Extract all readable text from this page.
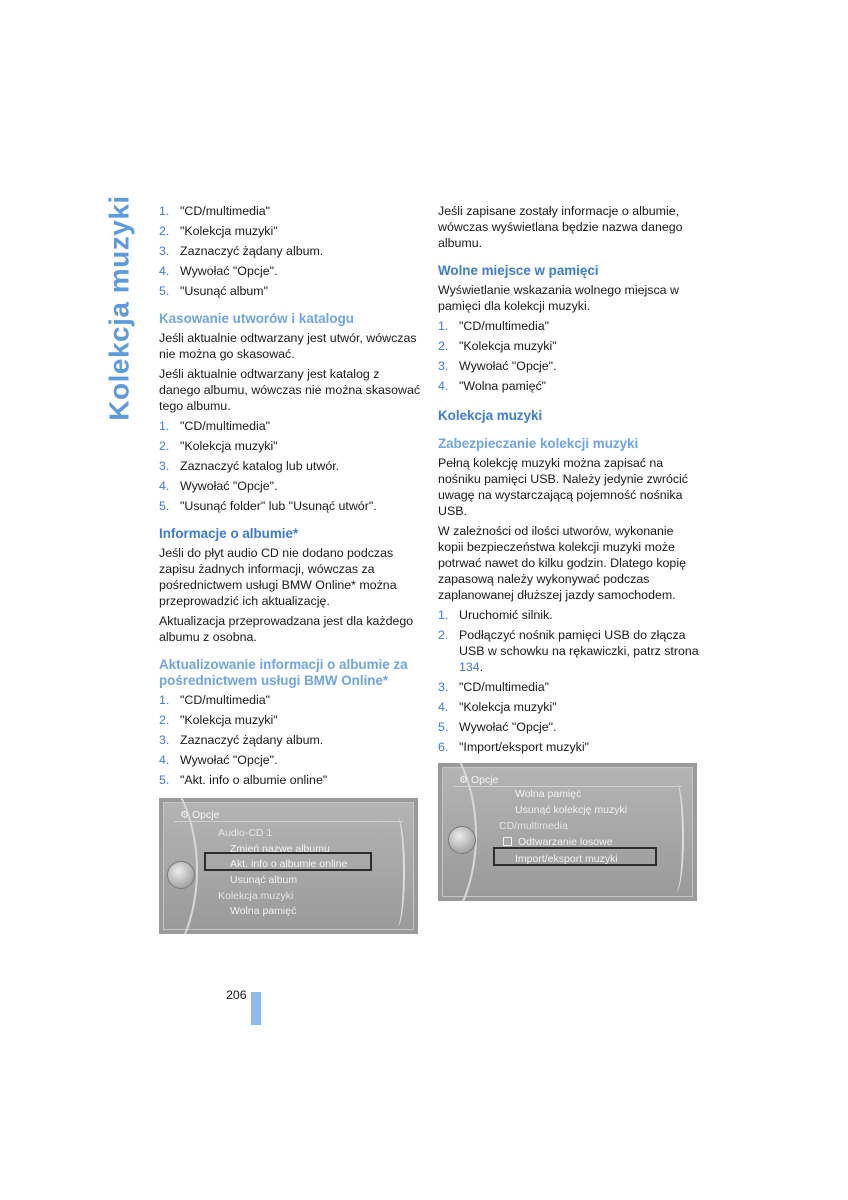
Kolekcja muzyki 1. "CD/multimedia"
2. "Kolekcja muzyki"
3. Zaznaczyć żądany album.
4. Wywołać "Opcje".
5. "Usunąć album"
Kasowanie utworów i katalogu

Jeśli aktualnie odtwarzany jest utwór, wówczas nie można go skasować.

Jeśli aktualnie odtwarzany jest katalog z danego albumu, wówczas nie można skasować tego albumu.

1. "CD/multimedia"
2. "Kolekcja muzyki"
3. Zaznaczyć katalog lub utwór.
4. Wywołać "Opcje".
5. "Usunąć folder" lub "Usunąć utwór".
Informacje o albumie*

Jeśli do płyt audio CD nie dodano podczas zapisu żadnych informacji, wówczas za pośrednictwem usługi BMW Online* można przeprowadzić ich aktualizację.

Aktualizacja przeprowadzana jest dla każdego albumu z osobna.

Aktualizowanie informacji o albumie za pośrednictwem usługi BMW Online*
1. "CD/multimedia"
2. "Kolekcja muzyki"
3. Zaznaczyć żądany album.
4. Wywołać "Opcje".
5. "Akt. info o albumie online"
⚙ Opcje
Audio-CD 1
Zmień nazwę albumu
Akt. info o albumie online
Usunąć album
Kolekcja muzyki
Wolna pamięć

Jeśli zapisane zostały informacje o albumie, wówczas wyświetlana będzie nazwa danego albumu.

Wolne miejsce w pamięci

Wyświetlanie wskazania wolnego miejsca w pamięci dla kolekcji muzyki.

1. "CD/multimedia"
2. "Kolekcja muzyki"
3. Wywołać "Opcje".
4. "Wolna pamięć"
Kolekcja muzyki
Zabezpieczanie kolekcji muzyki

Pełną kolekcję muzyki można zapisać na nośniku pamięci USB. Należy jedynie zwrócić uwagę na wystarczającą pojemność nośnika USB.

W zależności od ilości utworów, wykonanie kopii bezpieczeństwa kolekcji muzyki może potrwać nawet do kilku godzin. Dlatego kopię zapasową należy wykonywać podczas zaplanowanej dłuższej jazdy samochodem.

1. Uruchomić silnik.
2. Podłączyć nośnik pamięci USB do złącza USB w schowku na rękawiczki, patrz strona 134.
3. "CD/multimedia"
4. "Kolekcja muzyki"
5. Wywołać "Opcje".
6. "Import/eksport muzyki"
⚙ Opcje
Wolna pamięć
Usunąć kolekcję muzyki
CD/multimedia
Odtwarzanie losowe
Import/eksport muzyki
206
